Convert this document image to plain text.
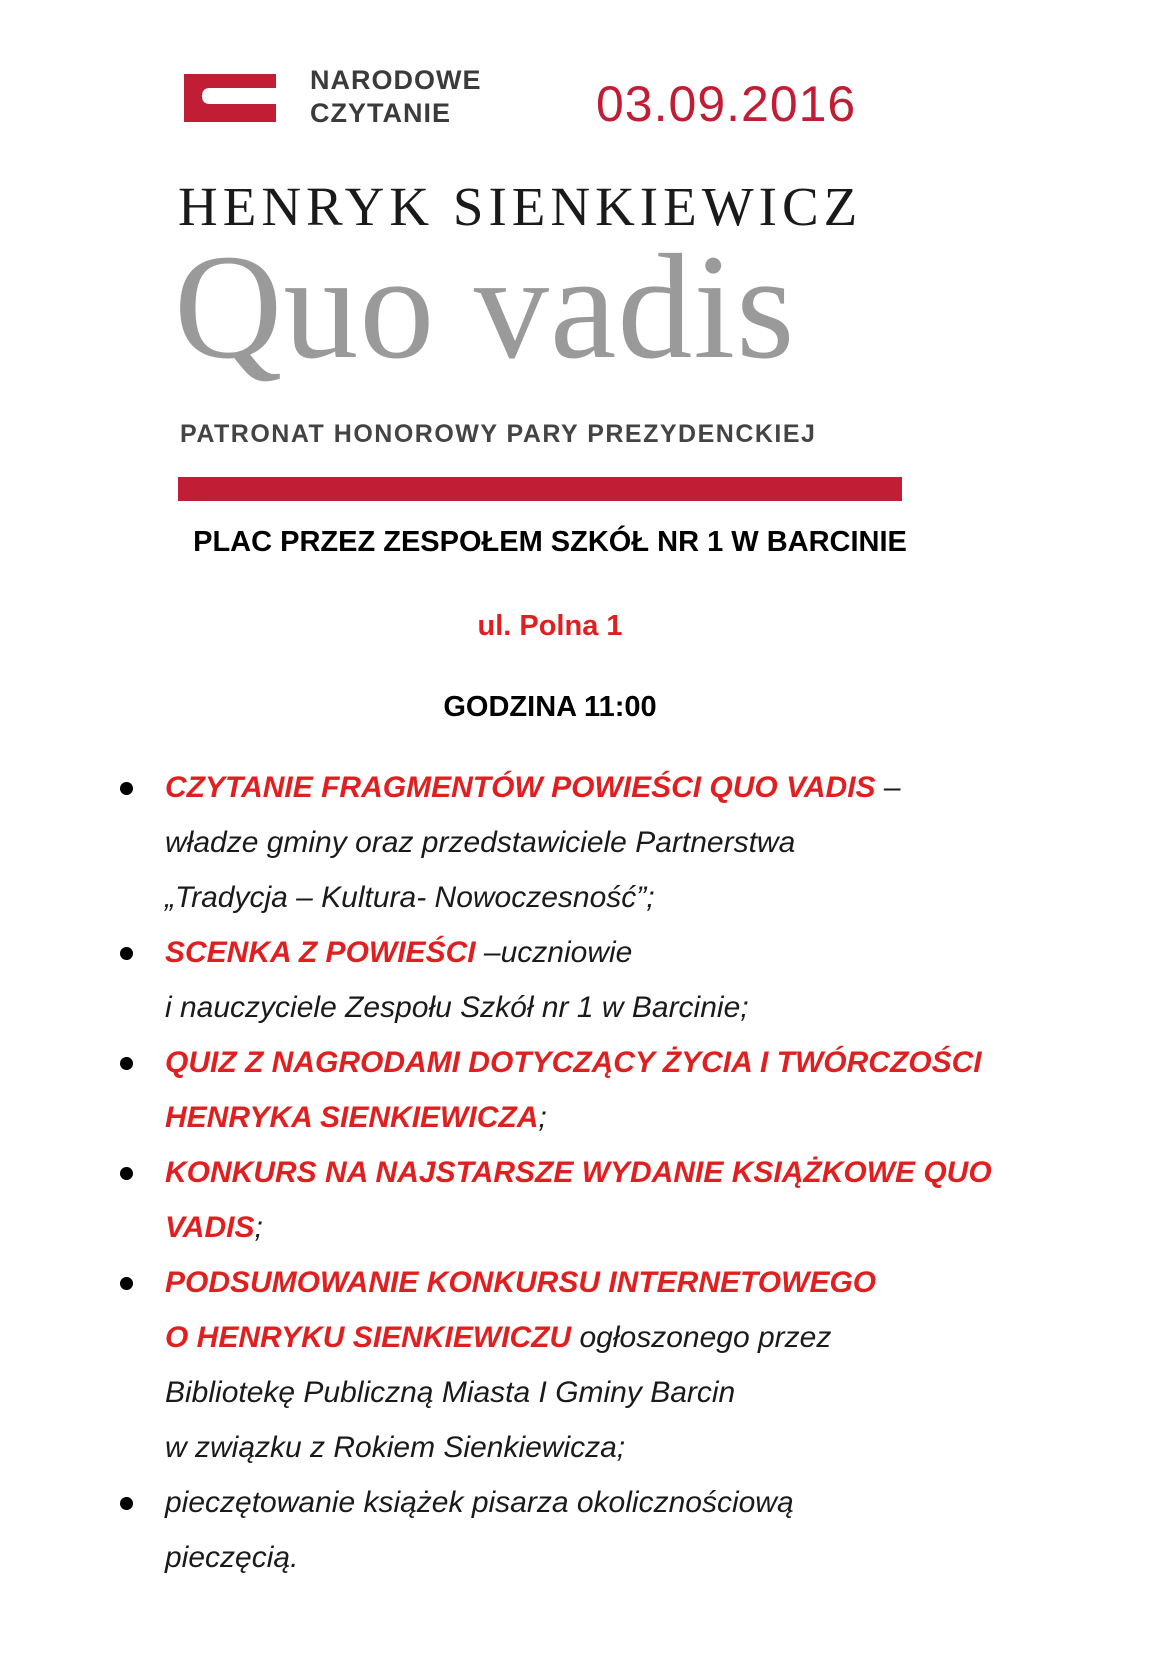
NARODOWE
CZYTANIE	03.09.2016
HENRYK SIENKIEWICZ
Quo vadis
PATRONAT HONOROWY PARY PREZYDENCKIEJ
PLAC PRZEZ ZESPOŁEM SZKÓŁ NR 1 W BARCINIE
ul. Polna 1
GODZINA 11:00
CZYTANIE FRAGMENTÓW POWIEŚCI QUO VADIS –
władze gminy oraz przedstawiciele Partnerstwa
„Tradycja – Kultura- Nowoczesność”;
SCENKA Z POWIEŚCI –uczniowie
i nauczyciele Zespołu Szkół nr 1 w Barcinie;
QUIZ Z NAGRODAMI DOTYCZĄCY ŻYCIA I TWÓRCZOŚCI
HENRYKA SIENKIEWICZA;
KONKURS NA NAJSTARSZE WYDANIE KSIĄŻKOWE QUO
VADIS;
PODSUMOWANIE KONKURSU INTERNETOWEGO
O HENRYKU SIENKIEWICZU ogłoszonego przez
Bibliotekę Publiczną Miasta I Gminy Barcin
w związku z Rokiem Sienkiewicza;
pieczętowanie książek pisarza okolicznościową
pieczęcią.
